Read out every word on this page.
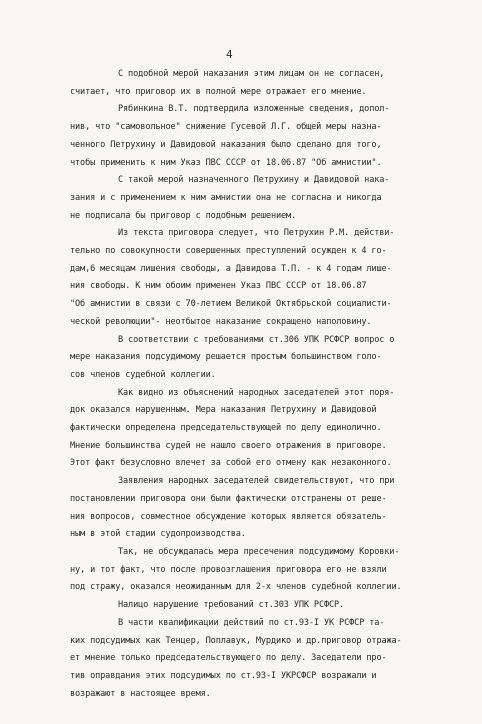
4
С подобной мерой наказания этим лицам он не согласен,
считает, что приговор их в полной мере отражает его мнение.
Рябинкина В.Т. подтвердила изложенные сведения, допол-
нив, что "самовольное" снижение Гусевой Л.Г. общей меры назна-
ченного Петрухину и Давидовой наказания было сделано для того,
чтобы применить к ним Указ ПВС СССР от 18.06.87 "Об амнистии".
С такой мерой назначенного Петрухину и Давидовой нака-
зания и с применением к ним амнистии она не согласна и никогда
не подписала бы приговор с подобным решением.
Из текста приговора следует, что Петрухин Р.М. действи-
тельно по совокупности совершенных преступлений осужден к 4 го-
дам,6 месяцам лишения свободы, а Давидова Т.П. - к 4 годам лише-
ния свободы. К ним обоим применен Указ ПВС СССР от 18.06.87
"Об амнистии в связи с 70-летием Великой Октябрьской социалисти-
ческой революции"- неотбытое наказание сокращено наполовину.
В соответствии с требованиями ст.306 УПК РСФСР вопрос о
мере наказания подсудимому решается простым большинством голо-
сов членов судебной коллегии.
Как видно из объяснений народных заседателей этот поря-
док оказался нарушенным. Мера наказания Петрухину и Давидовой
фактически определена председательствующей по делу единолично.
Мнение большинства судей не нашло своего отражения в приговоре.
Этот факт безусловно влечет за собой его отмену как незаконного.
Заявления народных заседателей свидетельствуют, что при
постановлении приговора они были фактически отстранены от реше-
ния вопросов, совместное обсуждение которых является обязатель-
ным в этой стадии судопроизводства.
Так, не обсуждалась мера пресечения подсудимому Коровки-
ну, и тот факт, что после провозглашения приговора его не взяли
под стражу, оказался неожиданным для 2-х членов судебной коллегии.
Налицо нарушение требований ст.303 УПК РСФСР.
В части квалификации действий по ст.93-I УК РСФСР та-
ких подсудимых как Тенцер, Поплавук, Мурдико и др.приговор отража-
ет мнение только председательствующего по делу. Заседатели про-
тив оправдания этих подсудимых по ст.93-I УКРСФСР возражали и
возражают в настоящее время.
